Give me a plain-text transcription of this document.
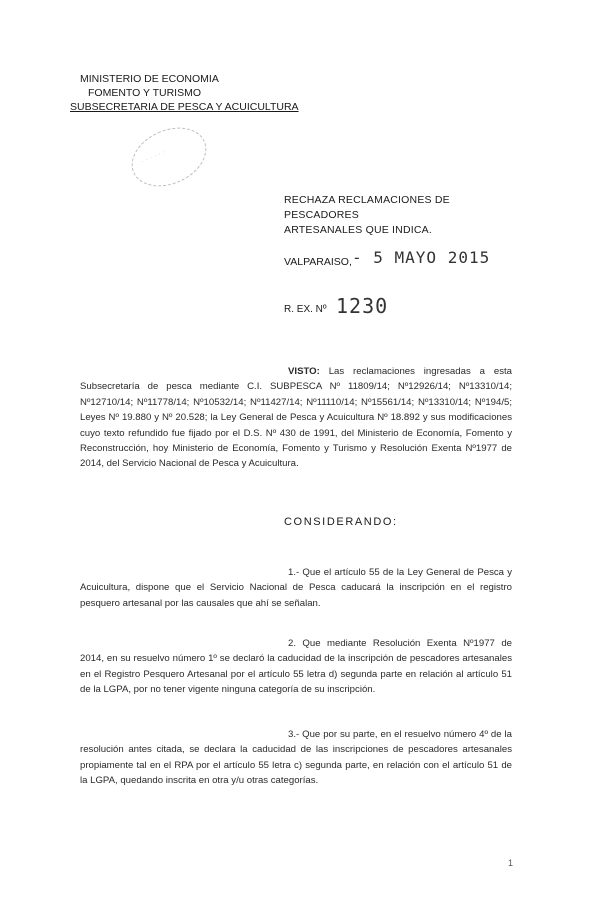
MINISTERIO DE ECONOMIA
FOMENTO Y TURISMO
SUBSECRETARIA DE PESCA Y ACUICULTURA
· · · · · ·
RECHAZA RECLAMACIONES DE PESCADORES
ARTESANALES QUE INDICA.
VALPARAISO, - 5 MAYO 2015
R. EX. Nº 1230
VISTO: Las reclamaciones ingresadas a esta Subsecretaría de pesca mediante C.I. SUBPESCA Nº 11809/14; Nº12926/14; Nº13310/14; Nº12710/14; Nº11778/14; Nº10532/14; Nº11427/14; Nº11110/14; Nº15561/14; Nº13310/14; Nº194/5; Leyes Nº 19.880 y Nº 20.528; la Ley General de Pesca y Acuicultura Nº 18.892 y sus modificaciones cuyo texto refundido fue fijado por el D.S. Nº 430 de 1991, del Ministerio de Economía, Fomento y Reconstrucción, hoy Ministerio de Economía, Fomento y Turismo y Resolución Exenta Nº1977 de 2014, del Servicio Nacional de Pesca y Acuicultura.
CONSIDERANDO:
1.- Que el artículo 55 de la Ley General de Pesca y Acuicultura, dispone que el Servicio Nacional de Pesca caducará la inscripción en el registro pesquero artesanal por las causales que ahí se señalan.
2. Que mediante Resolución Exenta Nº1977 de 2014, en su resuelvo número 1º se declaró la caducidad de la inscripción de pescadores artesanales en el Registro Pesquero Artesanal por el artículo 55 letra d) segunda parte en relación al artículo 51 de la LGPA, por no tener vigente ninguna categoría de su inscripción.
3.- Que por su parte, en el resuelvo número 4º de la resolución antes citada, se declara la caducidad de las inscripciones de pescadores artesanales propiamente tal en el RPA por el artículo 55 letra c) segunda parte, en relación con el artículo 51 de la LGPA, quedando inscrita en otra y/u otras categorías.
1
